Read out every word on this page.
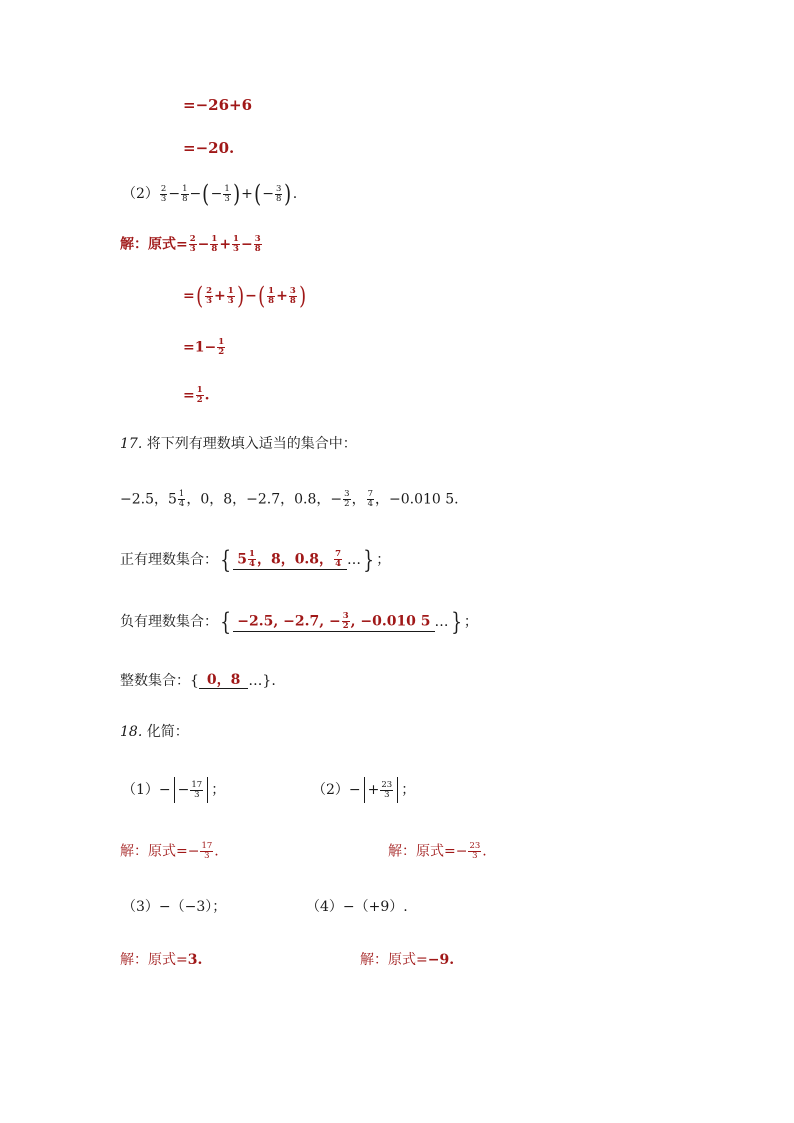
=−26+6
=−20.
$(2) \frac{2}{3} - \frac{1}{8}$ −(− $\frac{1}{3}$ )+(− $\frac{3}{8}$ ).
解：原式= $\frac{2}{3} - \frac{1}{8} + \frac{1}{3} - \frac{3}{8}$
=( $\frac{2}{3} + \frac{1}{3}$ )−( $\frac{1}{8} + \frac{3}{8}$ )
$=1- \frac{1}{2}$
= $\frac{1}{2}$ .
17. 将下列有理数填入适当的集合中：
−2.5，$5 \frac{1}{4}$ ，0，8，−2.7，0.8，− $\frac{3}{2}$ ， $\frac{7}{4}$ ，−0.010 5.
正有理数集合：{ $5 \frac{1}{4}$ ，8，0.8， $\frac{7}{4}$ …} ；
负有理数集合：{ −2.5, −2.7, − $\frac{3}{2}$ , −0.010 5 …} ；
整数集合：{ 0，8 …}.
18. 化简：
$(1)- - \frac{17}{3}$ ；	$(2)- + \frac{23}{3}$ ；
解：原式=− $\frac{17}{3}$ .	解：原式=− $\frac{23}{3}$ .
（3）−（−3）；	（4）−（+9）.
解：原式=3.	解：原式=−9.
